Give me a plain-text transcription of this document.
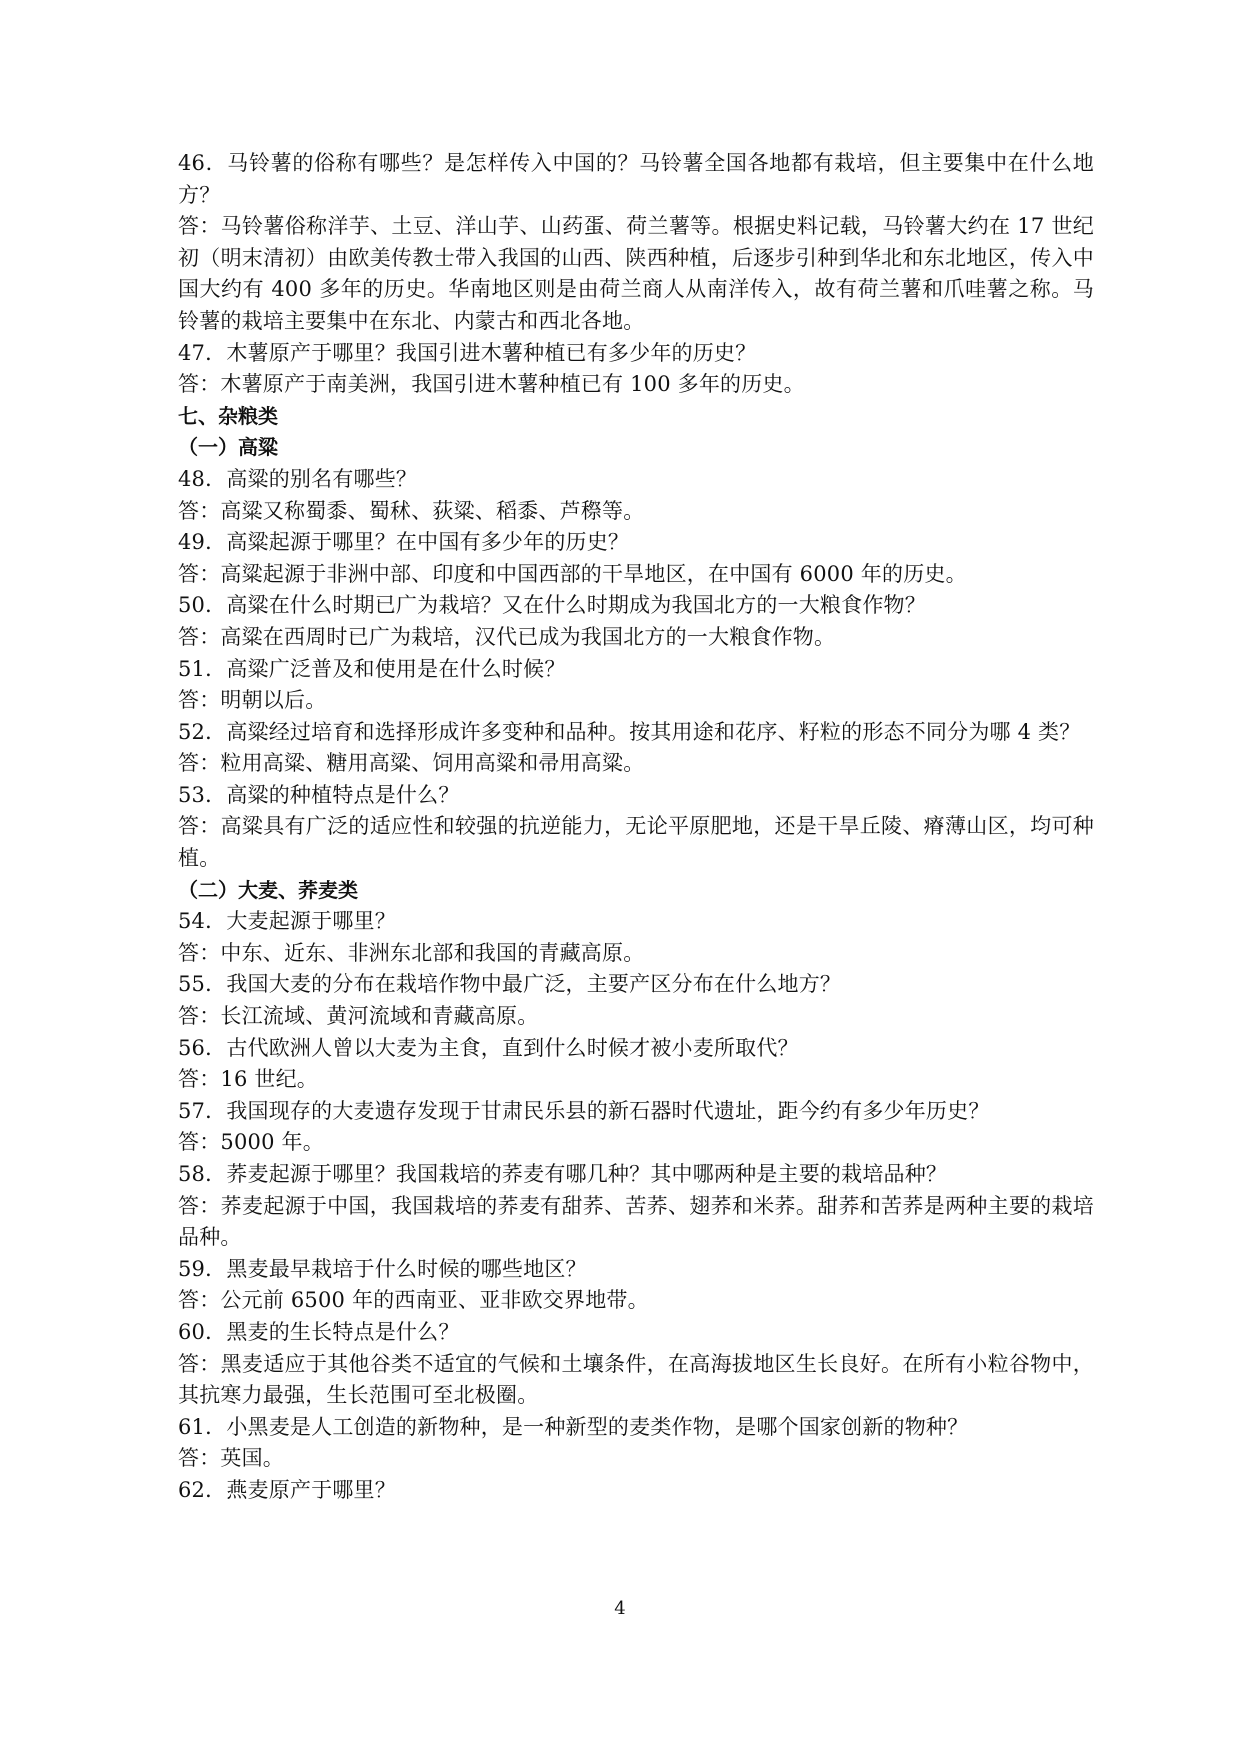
46．马铃薯的俗称有哪些？是怎样传入中国的？马铃薯全国各地都有栽培，但主要集中在什么地方？

答：马铃薯俗称洋芋、土豆、洋山芋、山药蛋、荷兰薯等。根据史料记载，马铃薯大约在 17 世纪初（明末清初）由欧美传教士带入我国的山西、陕西种植，后逐步引种到华北和东北地区，传入中国大约有 400 多年的历史。华南地区则是由荷兰商人从南洋传入，故有荷兰薯和爪哇薯之称。马铃薯的栽培主要集中在东北、内蒙古和西北各地。

47．木薯原产于哪里？我国引进木薯种植已有多少年的历史？

答：木薯原产于南美洲，我国引进木薯种植已有 100 多年的历史。

七、杂粮类

（一）高粱

48．高粱的别名有哪些？

答：高粱又称蜀黍、蜀秫、荻粱、稻黍、芦穄等。

49．高粱起源于哪里？在中国有多少年的历史？

答：高粱起源于非洲中部、印度和中国西部的干旱地区，在中国有 6000 年的历史。

50．高粱在什么时期已广为栽培？又在什么时期成为我国北方的一大粮食作物？

答：高粱在西周时已广为栽培，汉代已成为我国北方的一大粮食作物。

51．高粱广泛普及和使用是在什么时候？

答：明朝以后。

52．高粱经过培育和选择形成许多变种和品种。按其用途和花序、籽粒的形态不同分为哪 4 类？

答：粒用高粱、糖用高粱、饲用高粱和帚用高粱。

53．高粱的种植特点是什么？

答：高粱具有广泛的适应性和较强的抗逆能力，无论平原肥地，还是干旱丘陵、瘠薄山区，均可种植。

（二）大麦、荞麦类

54．大麦起源于哪里？

答：中东、近东、非洲东北部和我国的青藏高原。

55．我国大麦的分布在栽培作物中最广泛，主要产区分布在什么地方？

答：长江流域、黄河流域和青藏高原。

56．古代欧洲人曾以大麦为主食，直到什么时候才被小麦所取代？

答：16 世纪。

57．我国现存的大麦遗存发现于甘肃民乐县的新石器时代遗址，距今约有多少年历史？

答：5000 年。

58．荞麦起源于哪里？我国栽培的荞麦有哪几种？其中哪两种是主要的栽培品种？

答：荞麦起源于中国，我国栽培的荞麦有甜荞、苦荞、翅荞和米荞。甜荞和苦荞是两种主要的栽培品种。

59．黑麦最早栽培于什么时候的哪些地区？

答：公元前 6500 年的西南亚、亚非欧交界地带。

60．黑麦的生长特点是什么？

答：黑麦适应于其他谷类不适宜的气候和土壤条件，在高海拔地区生长良好。在所有小粒谷物中，其抗寒力最强，生长范围可至北极圈。

61．小黑麦是人工创造的新物种，是一种新型的麦类作物，是哪个国家创新的物种？

答：英国。

62．燕麦原产于哪里？

4
